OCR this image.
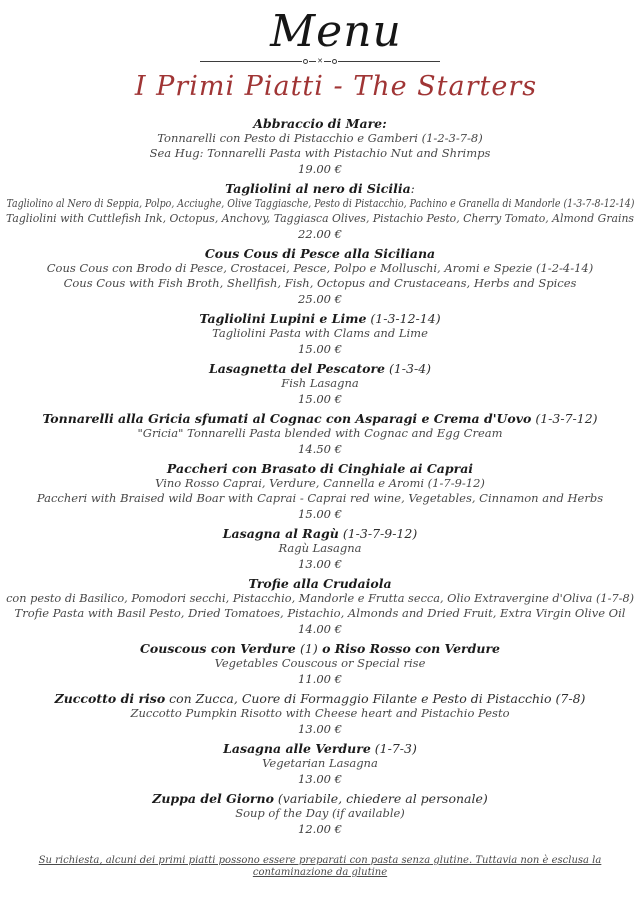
Menu
✕
I Primi Piatti - The Starters
Abbraccio di Mare:
Tonnarelli con Pesto di Pistacchio e Gamberi (1-2-3-7-8)
Sea Hug: Tonnarelli Pasta with Pistachio Nut and Shrimps
19.00 €
Tagliolini al nero di Sicilia:
Tagliolino al Nero di Seppia, Polpo, Acciughe, Olive Taggiasche, Pesto di Pistacchio, Pachino e Granella di Mandorle (1-3-7-8-12-14)
Tagliolini with Cuttlefish Ink, Octopus, Anchovy, Taggiasca Olives, Pistachio Pesto, Cherry Tomato, Almond Grains
22.00 €
Cous Cous di Pesce alla Siciliana
Cous Cous con Brodo di Pesce, Crostacei, Pesce, Polpo e Molluschi, Aromi e Spezie (1-2-4-14)
Cous Cous with Fish Broth, Shellfish, Fish, Octopus and Crustaceans, Herbs and Spices
25.00 €
Tagliolini Lupini e Lime (1-3-12-14)
Tagliolini Pasta with Clams and Lime
15.00 €
Lasagnetta del Pescatore (1-3-4)
Fish Lasagna
15.00 €
Tonnarelli alla Gricia sfumati al Cognac con Asparagi e Crema d'Uovo (1-3-7-12)
"Gricia" Tonnarelli Pasta blended with Cognac and Egg Cream
14.50 €
Paccheri con Brasato di Cinghiale ai Caprai
Vino Rosso Caprai, Verdure, Cannella e Aromi (1-7-9-12)
Paccheri with Braised wild Boar with Caprai - Caprai red wine, Vegetables, Cinnamon and Herbs
15.00 €
Lasagna al Ragù (1-3-7-9-12)
Ragù Lasagna
13.00 €
Trofie alla Crudaiola
con pesto di Basilico, Pomodori secchi, Pistacchio, Mandorle e Frutta secca, Olio Extravergine d'Oliva (1-7-8)
Trofie Pasta with Basil Pesto, Dried Tomatoes, Pistachio, Almonds and Dried Fruit, Extra Virgin Olive Oil
14.00 €
Couscous con Verdure (1) o Riso Rosso con Verdure
Vegetables Couscous or Special rise
11.00 €
Zuccotto di riso con Zucca, Cuore di Formaggio Filante e Pesto di Pistacchio (7-8)
Zuccotto Pumpkin Risotto with Cheese heart and Pistachio Pesto
13.00 €
Lasagna alle Verdure (1-7-3)
Vegetarian Lasagna
13.00 €
Zuppa del Giorno (variabile, chiedere al personale)
Soup of the Day (if available)
12.00 €
Su richiesta, alcuni dei primi piatti possono essere preparati con pasta senza glutine. Tuttavia non è esclusa la contaminazione da glutine
